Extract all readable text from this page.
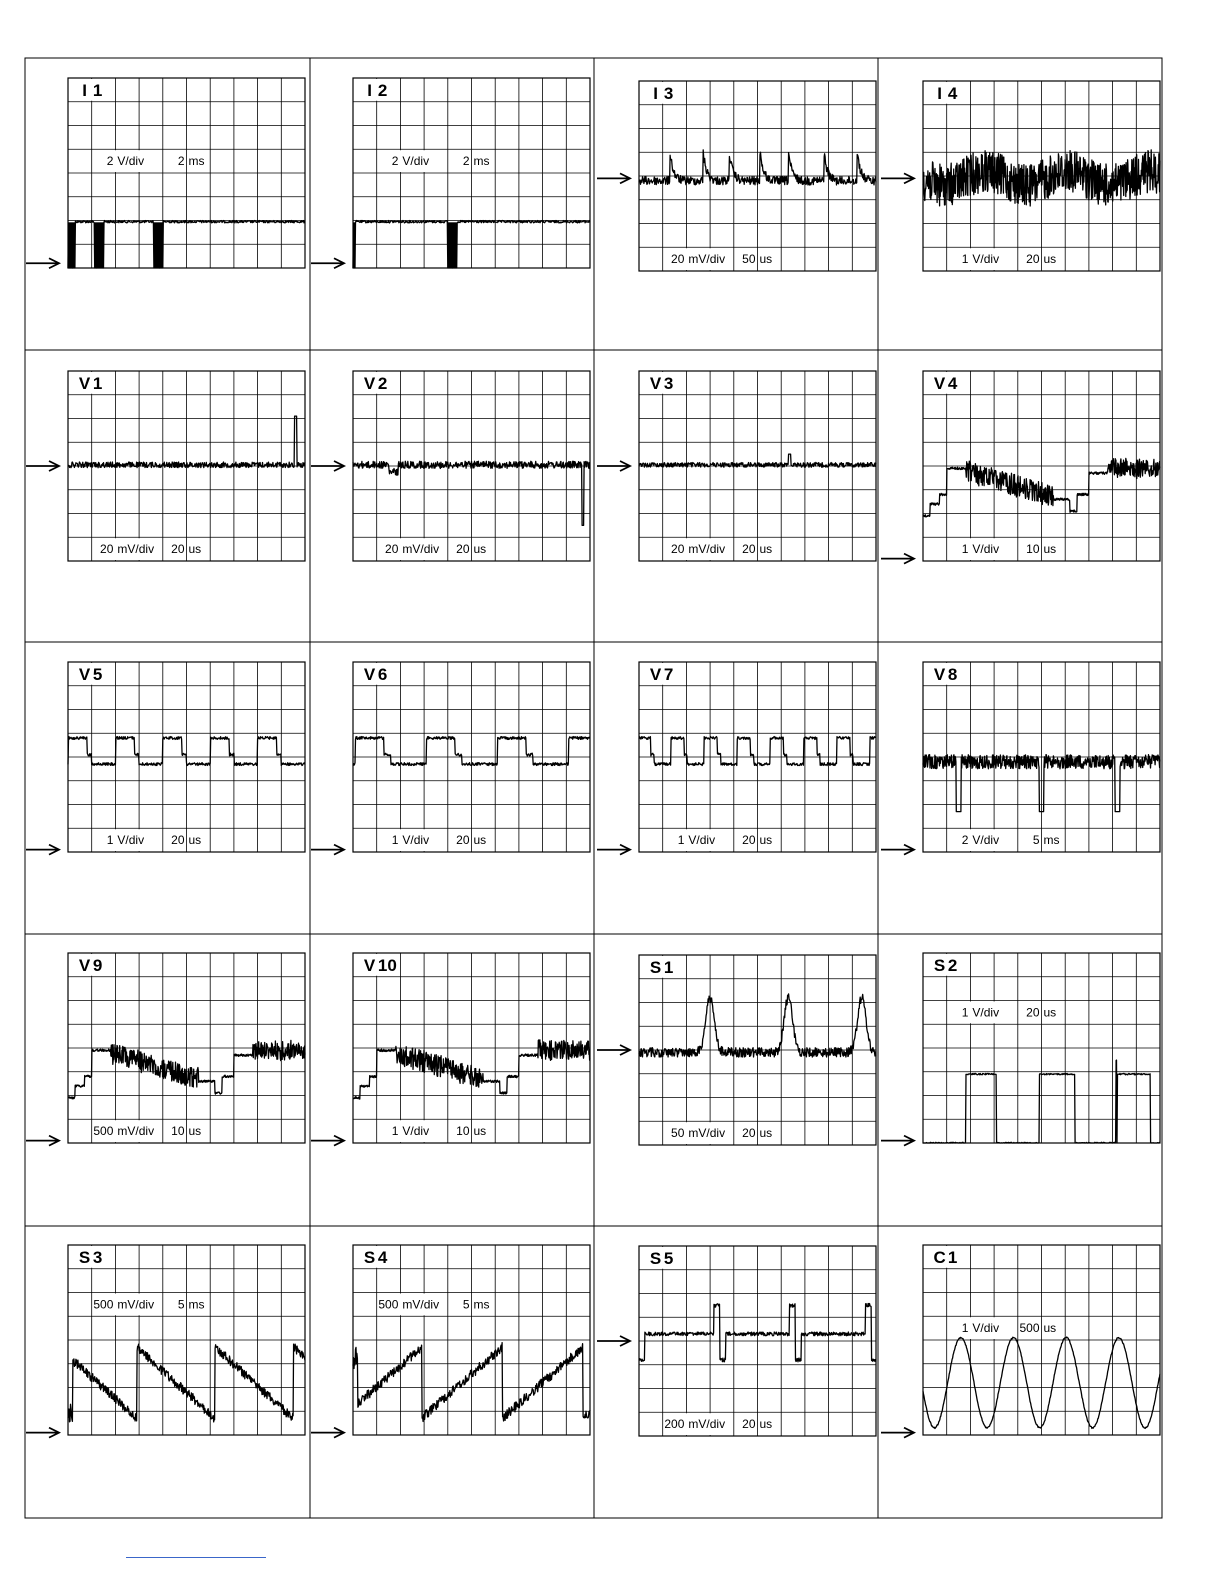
I 1
2 V/div	2 ms
I 2
2 V/div	2 ms
I 3
20 mV/div 50 us
I 4
1 V/div 20 us
V 1
20 mV/div 20 us
V 2
20 mV/div 20 us
V 3
20 mV/div 20 us
V 4
1 V/div 10 us
V 5
1 V/div 20 us
V 6
1 V/div 20 us
V 7
1 V/div 20 us
V 8
2 V/div	5 ms
V 9
500 mV/div 10 us
V 10
1 V/div 10 us
S 1
50 mV/div 20 us
S 2
1 V/div 20 us
S 3
500 mV/div 5 ms
S 4
500 mV/div 5 ms
S 5
200 mV/div 20 us
C 1
1 V/div 500 us
